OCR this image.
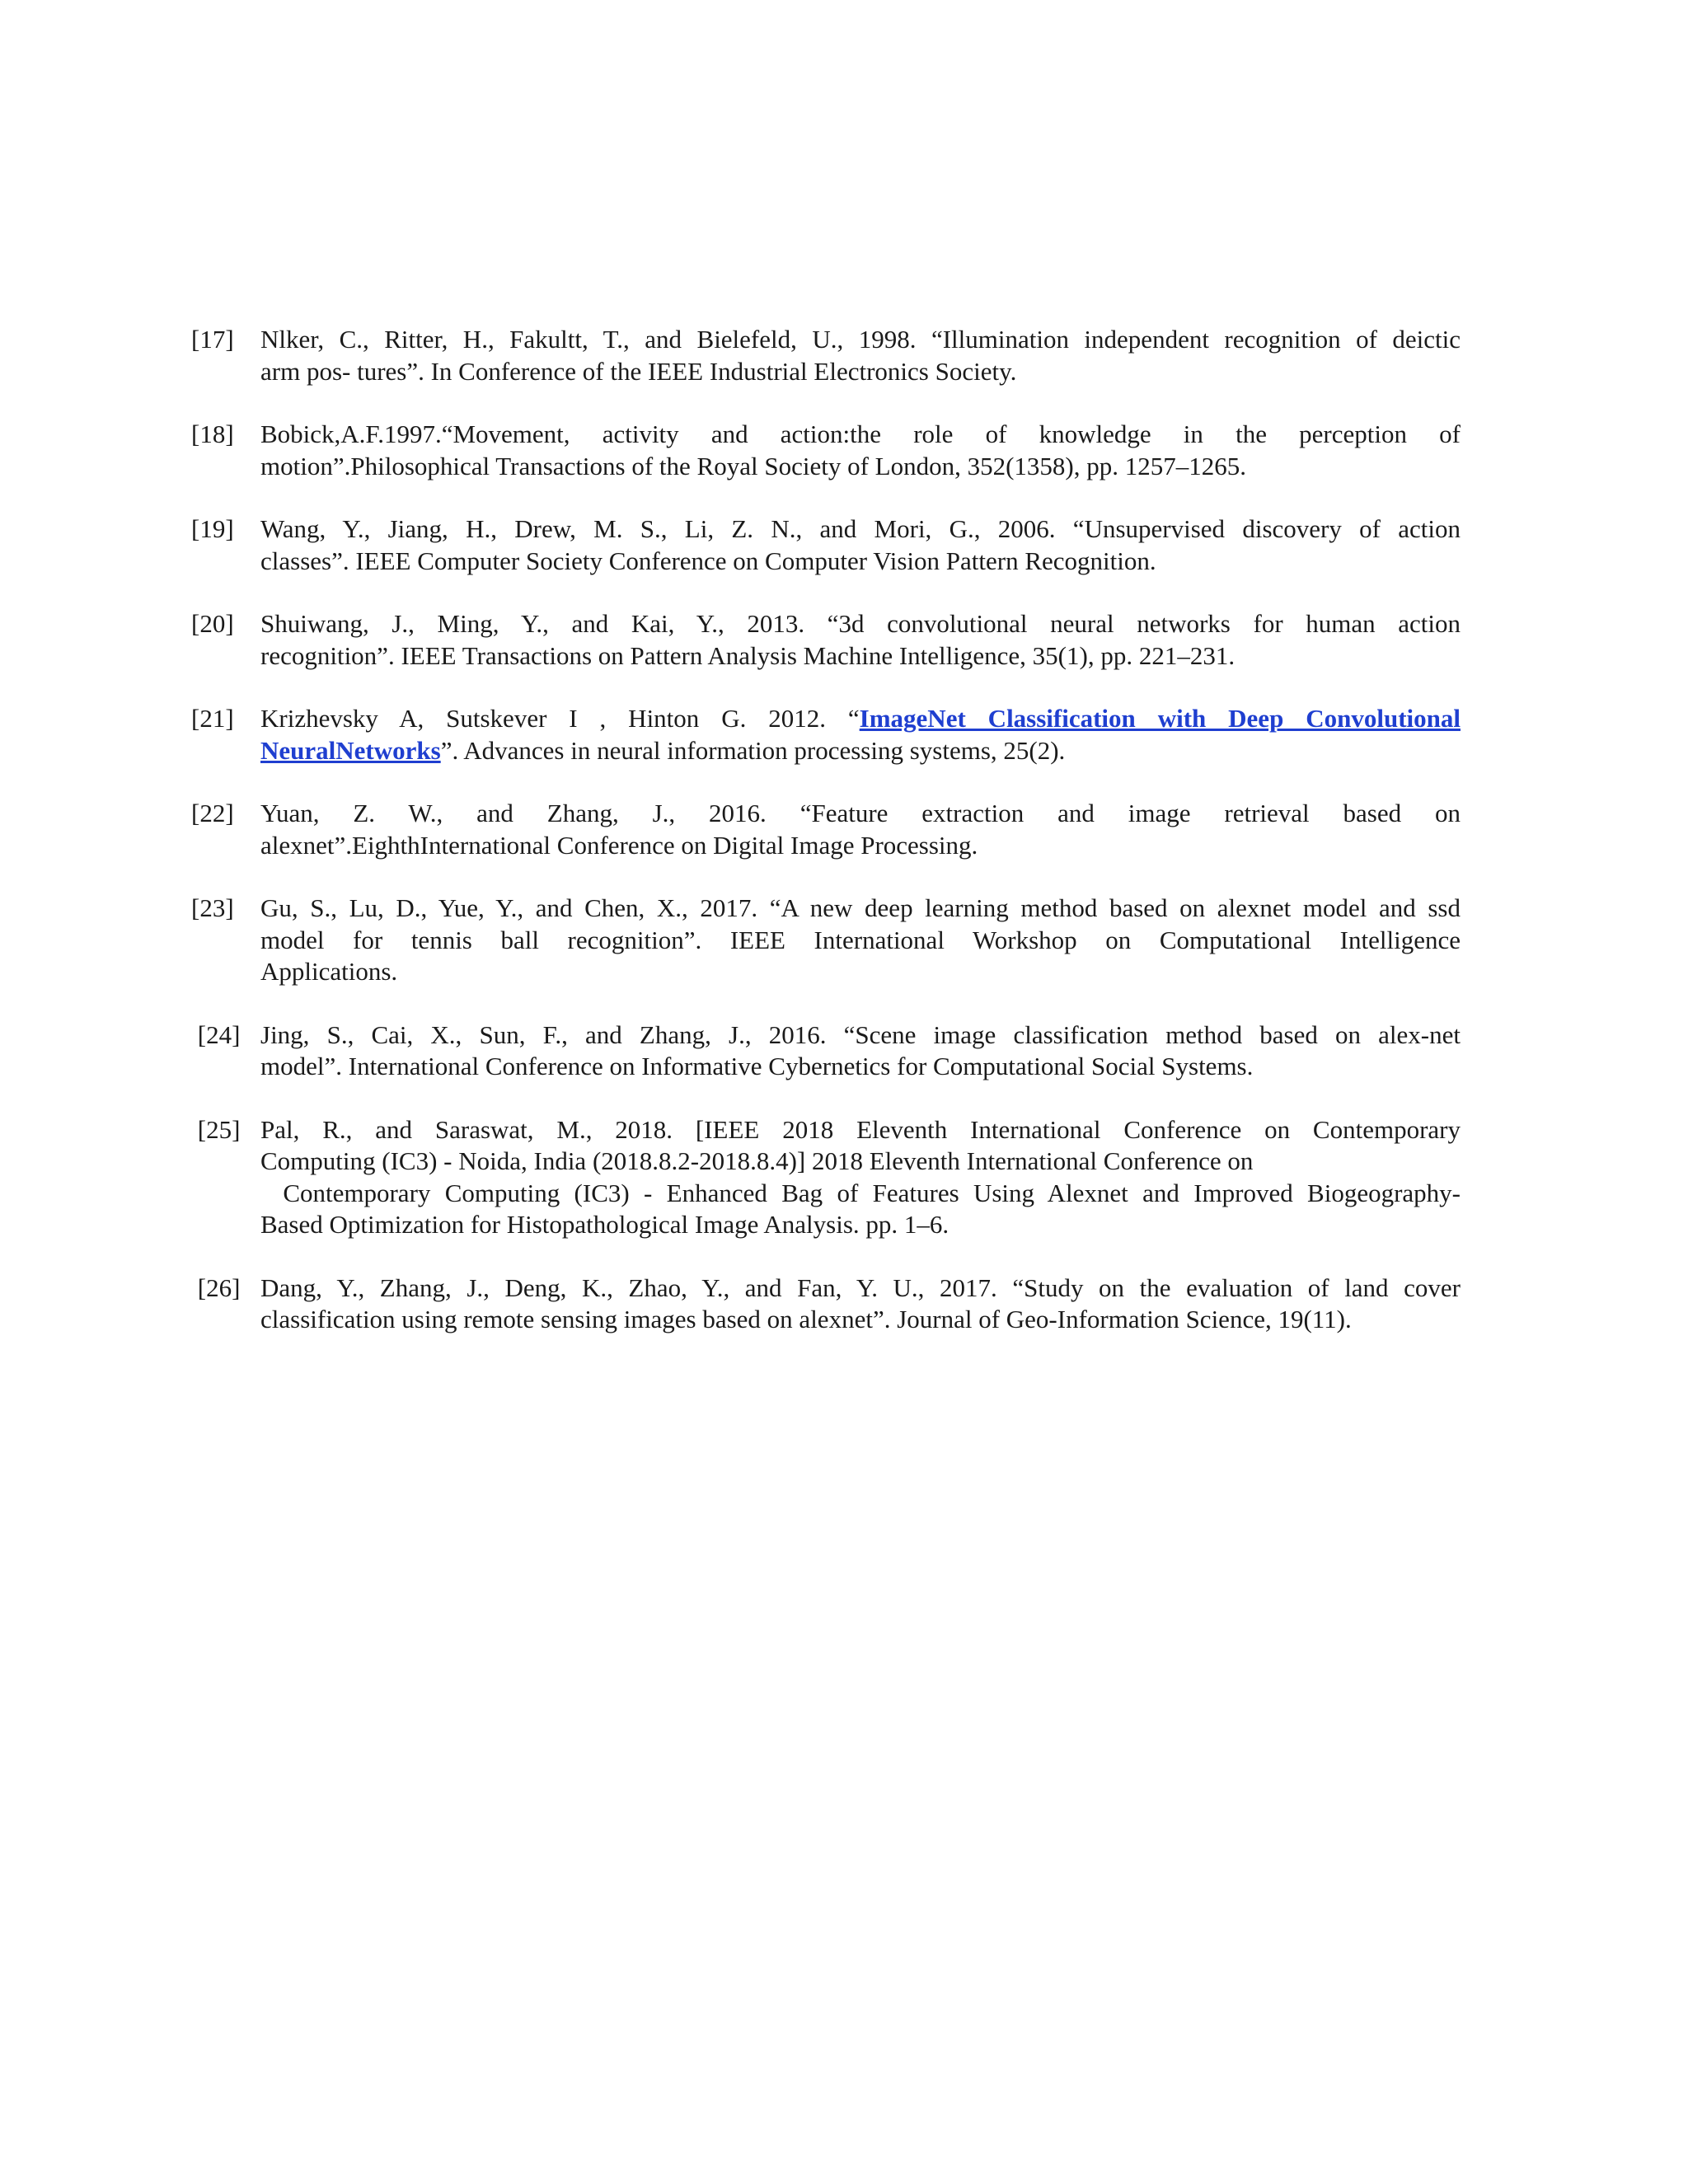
[17]	Nlker, C., Ritter, H., Fakultt, T., and Bielefeld, U., 1998. “Illumination independent recognition of deictic
arm pos- tures”. In Conference of the IEEE Industrial Electronics Society.
[18]	Bobick,A.F.1997.“Movement, activity and action:the role of knowledge in the perception of
motion”.Philosophical Transactions of the Royal Society of London, 352(1358), pp. 1257–1265.
[19]	Wang, Y., Jiang, H., Drew, M. S., Li, Z. N., and Mori, G., 2006. “Unsupervised discovery of action
classes”. IEEE Computer Society Conference on Computer Vision Pattern Recognition.
[20]	Shuiwang, J., Ming, Y., and Kai, Y., 2013. “3d convolutional neural networks for human action
recognition”. IEEE Transactions on Pattern Analysis Machine Intelligence, 35(1), pp. 221–231.
[21]	Krizhevsky A, Sutskever I , Hinton G. 2012. “ImageNet Classification with Deep Convolutional
NeuralNetworks”. Advances in neural information processing systems, 25(2).
[22]	Yuan, Z. W., and Zhang, J., 2016. “Feature extraction and image retrieval based on
alexnet”.EighthInternational Conference on Digital Image Processing.
[23]	Gu, S., Lu, D., Yue, Y., and Chen, X., 2017. “A new deep learning method based on alexnet model and ssd
model for tennis ball recognition”. IEEE International Workshop on Computational Intelligence
Applications.
[24] Jing, S., Cai, X., Sun, F., and Zhang, J., 2016. “Scene image classification method based on alex-net
model”. International Conference on Informative Cybernetics for Computational Social Systems.
[25] Pal, R., and Saraswat, M., 2018. [IEEE 2018 Eleventh International Conference on Contemporary
Computing (IC3) - Noida, India (2018.8.2-2018.8.4)] 2018 Eleventh International Conference on
Contemporary Computing (IC3) - Enhanced Bag of Features Using Alexnet and Improved Biogeography-
Based Optimization for Histopathological Image Analysis. pp. 1–6.
[26] Dang, Y., Zhang, J., Deng, K., Zhao, Y., and Fan, Y. U., 2017. “Study on the evaluation of land cover
classification using remote sensing images based on alexnet”. Journal of Geo-Information Science, 19(11).
